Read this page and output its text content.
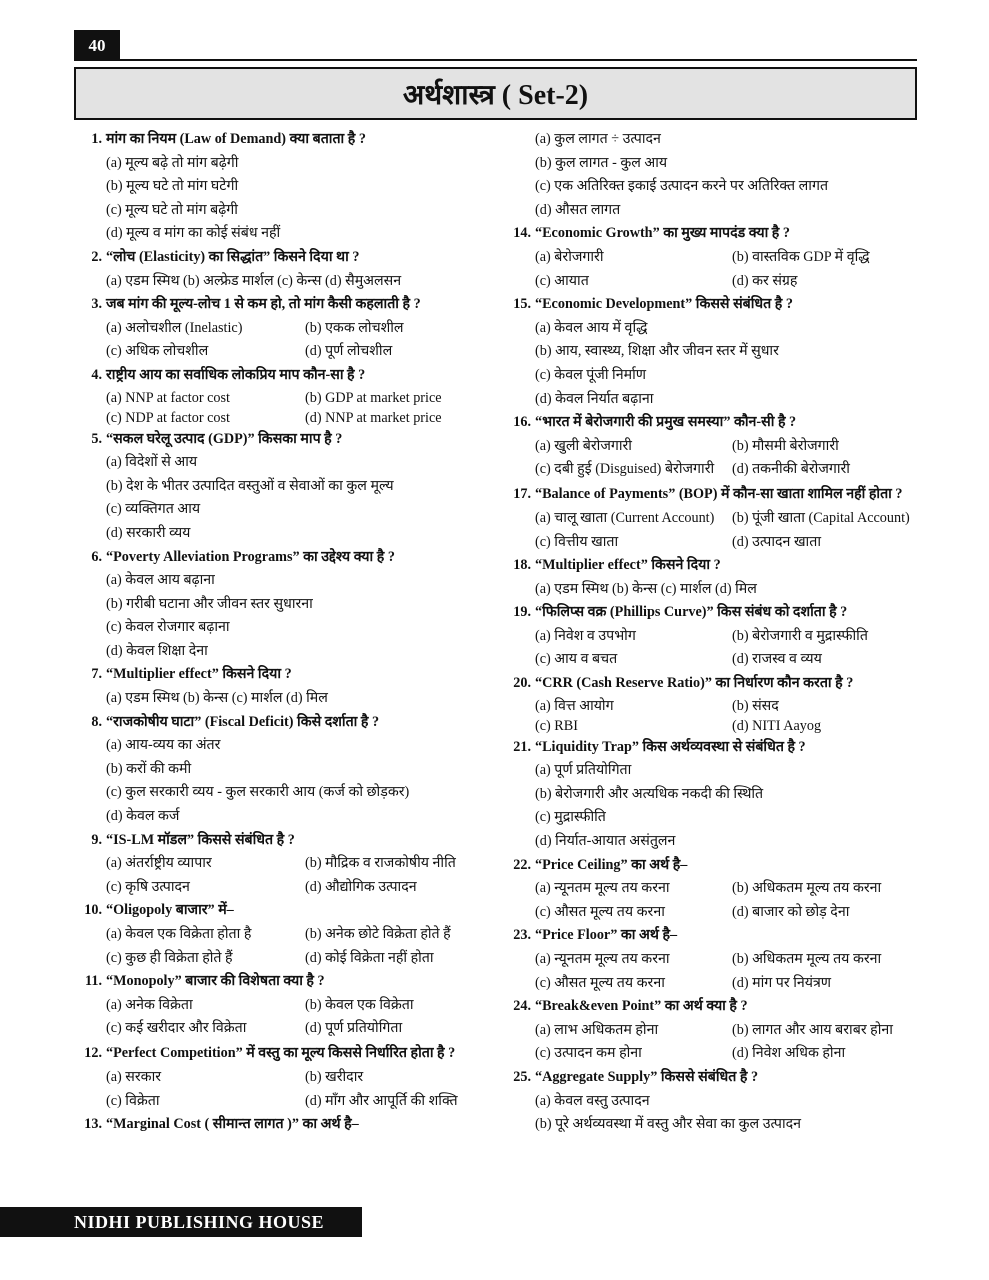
40
अर्थशास्त्र ( Set-2)
1. मांग का नियम (Law of Demand) क्या बताता है ?
(a) मूल्य बढ़े तो मांग बढ़ेगी
(b) मूल्य घटे तो मांग घटेगी
(c) मूल्य घटे तो मांग बढ़ेगी
(d) मूल्य व मांग का कोई संबंध नहीं
2. “लोच (Elasticity) का सिद्धांत” किसने दिया था ?
(a) एडम स्मिथ (b) अल्फ्रेड मार्शल (c) केन्स (d) सैमुअलसन
3. जब मांग की मूल्य-लोच 1 से कम हो, तो मांग कैसी कहलाती है ?
(a) अलोचशील (Inelastic)	(b) एकक लोचशील
(c) अधिक लोचशील	(d) पूर्ण लोचशील
4. राष्ट्रीय आय का सर्वाधिक लोकप्रिय माप कौन-सा है ?
(a) NNP at factor cost	(b) GDP at market price
(c) NDP at factor cost	(d) NNP at market price
5. “सकल घरेलू उत्पाद (GDP)” किसका माप है ?
(a) विदेशों से आय
(b) देश के भीतर उत्पादित वस्तुओं व सेवाओं का कुल मूल्य
(c) व्यक्तिगत आय
(d) सरकारी व्यय
6. “Poverty Alleviation Programs” का उद्देश्य क्या है ?
(a) केवल आय बढ़ाना
(b) गरीबी घटाना और जीवन स्तर सुधारना
(c) केवल रोजगार बढ़ाना
(d) केवल शिक्षा देना
7. “Multiplier effect” किसने दिया ?
(a) एडम स्मिथ (b) केन्स (c) मार्शल (d) मिल
8. “राजकोषीय घाटा” (Fiscal Deficit) किसे दर्शाता है ?
(a) आय-व्यय का अंतर
(b) करों की कमी
(c) कुल सरकारी व्यय - कुल सरकारी आय (कर्ज को छोड़कर)
(d) केवल कर्ज
9. “IS-LM मॉडल” किससे संबंधित है ?
(a) अंतर्राष्ट्रीय व्यापार	(b) मौद्रिक व राजकोषीय नीति
(c) कृषि उत्पादन	(d) औद्योगिक उत्पादन
10. “Oligopoly बाजार” में–
(a) केवल एक विक्रेता होता है	(b) अनेक छोटे विक्रेता होते हैं
(c) कुछ ही विक्रेता होते हैं	(d) कोई विक्रेता नहीं होता
11. “Monopoly” बाजार की विशेषता क्या है ?
(a) अनेक विक्रेता	(b) केवल एक विक्रेता
(c) कई खरीदार और विक्रेता	(d) पूर्ण प्रतियोगिता
12. “Perfect Competition” में वस्तु का मूल्य किससे निर्धारित होता है ?
(a) सरकार	(b) खरीदार
(c) विक्रेता	(d) माँग और आपूर्ति की शक्ति
13. “Marginal Cost ( सीमान्त लागत )” का अर्थ है–
(a) कुल लागत ÷ उत्पादन
(b) कुल लागत - कुल आय
(c) एक अतिरिक्त इकाई उत्पादन करने पर अतिरिक्त लागत
(d) औसत लागत
14. “Economic Growth” का मुख्य मापदंड क्या है ?
(a) बेरोजगारी	(b) वास्तविक GDP में वृद्धि
(c) आयात	(d) कर संग्रह
15. “Economic Development” किससे संबंधित है ?
(a) केवल आय में वृद्धि
(b) आय, स्वास्थ्य, शिक्षा और जीवन स्तर में सुधार
(c) केवल पूंजी निर्माण
(d) केवल निर्यात बढ़ाना
16. “भारत में बेरोजगारी की प्रमुख समस्या” कौन-सी है ?
(a) खुली बेरोजगारी	(b) मौसमी बेरोजगारी
(c) दबी हुई (Disguised) बेरोजगारी	(d) तकनीकी बेरोजगारी
17. “Balance of Payments” (BOP) में कौन-सा खाता शामिल नहीं होता ?
(a) चालू खाता (Current Account)	(b) पूंजी खाता (Capital Account)
(c) वित्तीय खाता	(d) उत्पादन खाता
18. “Multiplier effect” किसने दिया ?
(a) एडम स्मिथ (b) केन्स (c) मार्शल (d) मिल
19. “फिलिप्स वक्र (Phillips Curve)” किस संबंध को दर्शाता है ?
(a) निवेश व उपभोग	(b) बेरोजगारी व मुद्रास्फीति
(c) आय व बचत	(d) राजस्व व व्यय
20. “CRR (Cash Reserve Ratio)” का निर्धारण कौन करता है ?
(a) वित्त आयोग	(b) संसद
(c) RBI	(d) NITI Aayog
21. “Liquidity Trap” किस अर्थव्यवस्था से संबंधित है ?
(a) पूर्ण प्रतियोगिता
(b) बेरोजगारी और अत्यधिक नकदी की स्थिति
(c) मुद्रास्फीति
(d) निर्यात-आयात असंतुलन
22. “Price Ceiling” का अर्थ है–
(a) न्यूनतम मूल्य तय करना	(b) अधिकतम मूल्य तय करना
(c) औसत मूल्य तय करना	(d) बाजार को छोड़ देना
23. “Price Floor” का अर्थ है–
(a) न्यूनतम मूल्य तय करना	(b) अधिकतम मूल्य तय करना
(c) औसत मूल्य तय करना	(d) मांग पर नियंत्रण
24. “Break&even Point” का अर्थ क्या है ?
(a) लाभ अधिकतम होना	(b) लागत और आय बराबर होना
(c) उत्पादन कम होना	(d) निवेश अधिक होना
25. “Aggregate Supply” किससे संबंधित है ?
(a) केवल वस्तु उत्पादन
(b) पूरे अर्थव्यवस्था में वस्तु और सेवा का कुल उत्पादन
NIDHI PUBLISHING HOUSE
